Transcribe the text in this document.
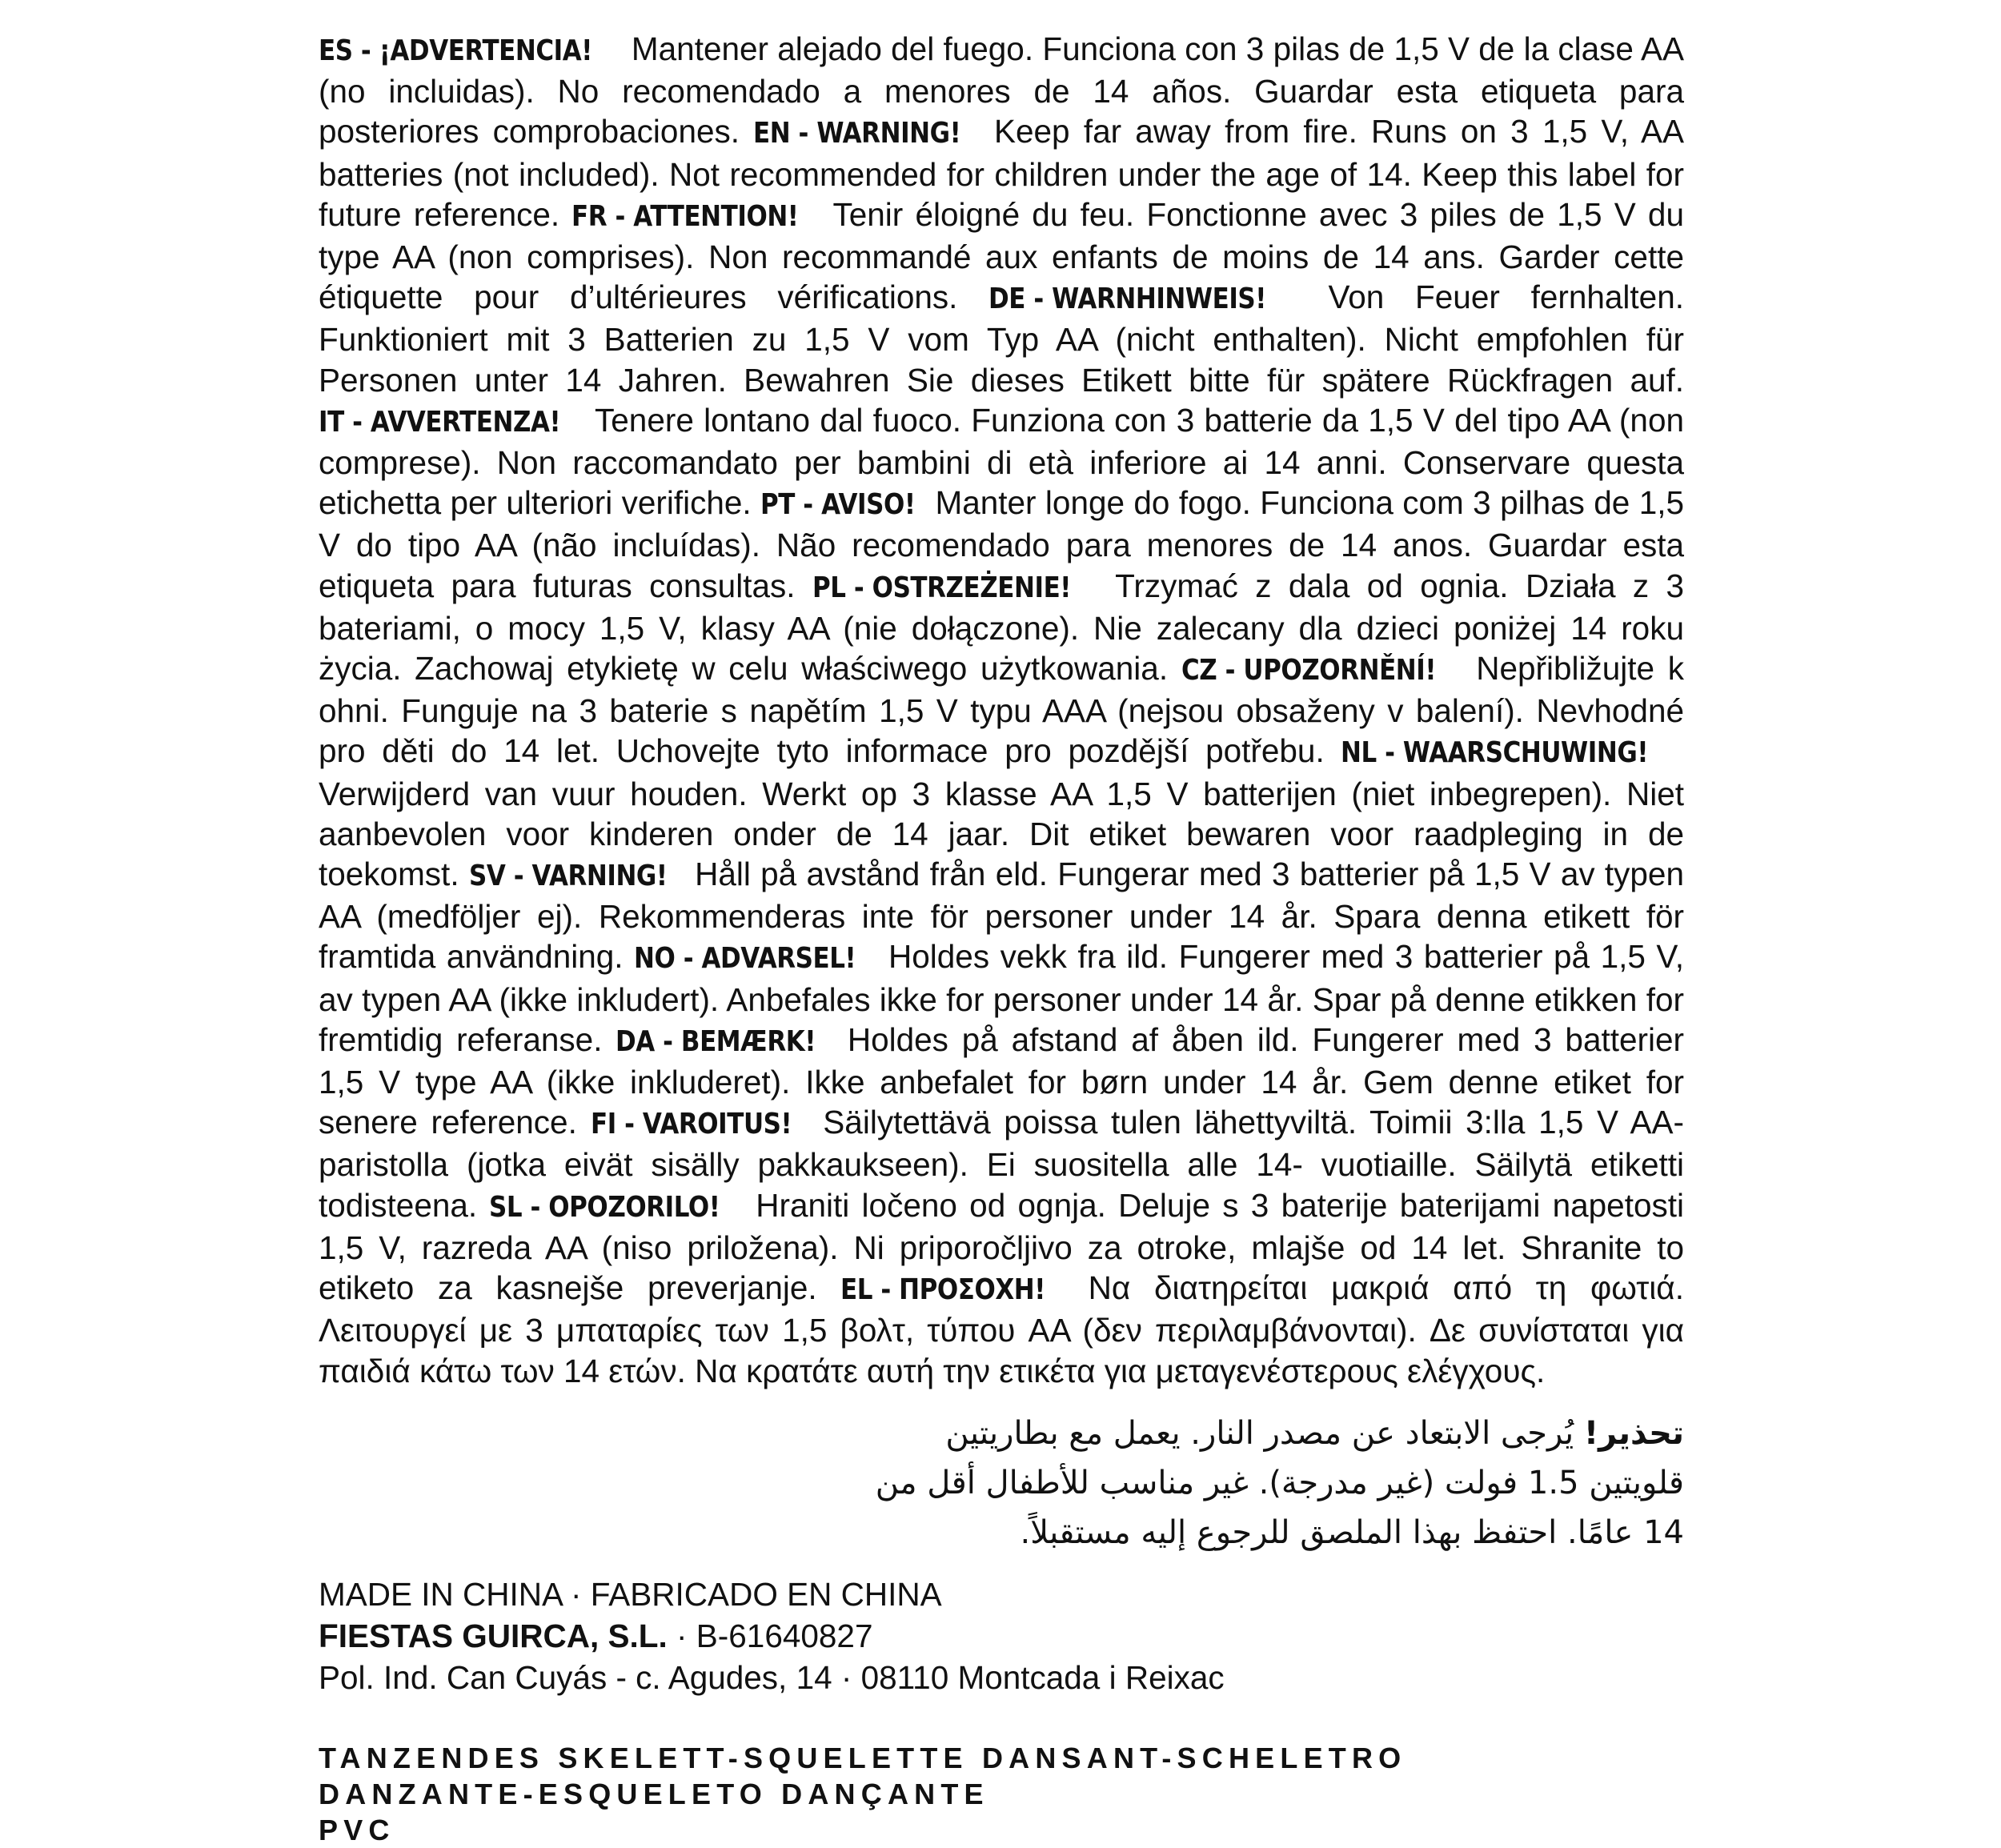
ES - ¡ADVERTENCIA! Mantener alejado del fuego. Funciona con 3 pilas de 1,5 V de la clase AA (no incluidas). No recomendado a menores de 14 años. Guardar esta etiqueta para posteriores comprobaciones. EN - WARNING! Keep far away from fire. Runs on 3 1,5 V, AA batteries (not included). Not recommended for children under the age of 14. Keep this label for future reference. FR - ATTENTION! Tenir éloigné du feu. Fonctionne avec 3 piles de 1,5 V du type AA (non comprises). Non recommandé aux enfants de moins de 14 ans. Garder cette étiquette pour d’ultérieures vérifications. DE - WARNHINWEIS! Von Feuer fernhalten. Funktioniert mit 3 Batterien zu 1,5 V vom Typ AA (nicht enthalten). Nicht empfohlen für Personen unter 14 Jahren. Bewahren Sie dieses Etikett bitte für spätere Rückfragen auf. IT - AVVERTENZA! Tenere lontano dal fuoco. Funziona con 3 batterie da 1,5 V del tipo AA (non comprese). Non raccomandato per bambini di età inferiore ai 14 anni. Conservare questa etichetta per ulteriori verifiche. PT - AVISO! Manter longe do fogo. Funciona com 3 pilhas de 1,5 V do tipo AA (não incluídas). Não recomendado para menores de 14 anos. Guardar esta etiqueta para futuras consultas. PL - OSTRZEŻENIE! Trzymać z dala od ognia. Działa z 3 bateriami, o mocy 1,5 V, klasy AA (nie dołączone). Nie zalecany dla dzieci poniżej 14 roku życia. Zachowaj etykietę w celu właściwego użytkowania. CZ - UPOZORNĚNÍ! Nepřibližujte k ohni. Funguje na 3 baterie s napětím 1,5 V typu AAA (nejsou obsaženy v balení). Nevhodné pro děti do 14 let. Uchovejte tyto informace pro pozdější potřebu. NL - WAARSCHUWING! Verwijderd van vuur houden. Werkt op 3 klasse AA 1,5 V batterijen (niet inbegrepen). Niet aanbevolen voor kinderen onder de 14 jaar. Dit etiket bewaren voor raadpleging in de toekomst. SV - VARNING! Håll på avstånd från eld. Fungerar med 3 batterier på 1,5 V av typen AA (medföljer ej). Rekommenderas inte för personer under 14 år. Spara denna etikett för framtida användning. NO - ADVARSEL! Holdes vekk fra ild. Fungerer med 3 batterier på 1,5 V, av typen AA (ikke inkludert). Anbefales ikke for personer under 14 år. Spar på denne etikken for fremtidig referanse. DA - BEMÆRK! Holdes på afstand af åben ild. Fungerer med 3 batterier 1,5 V type AA (ikke inkluderet). Ikke anbefalet for børn under 14 år. Gem denne etiket for senere reference. FI - VAROITUS! Säilytettävä poissa tulen lähettyviltä. Toimii 3:lla 1,5 V AA-paristolla (jotka eivät sisälly pakkaukseen). Ei suositella alle 14- vuotiaille. Säilytä etiketti todisteena. SL - OPOZORILO! Hraniti ločeno od ognja. Deluje s 3 baterije baterijami napetosti 1,5 V, razreda AA (niso priložena). Ni priporočljivo za otroke, mlajše od 14 let. Shranite to etiketo za kasnejše preverjanje. EL - ΠΡΟΣΟΧΗ! Να διατηρείται μακριά από τη φωτιά. Λειτουργεί με 3 μπαταρίες των 1,5 βολτ, τύπου AA (δεν περιλαμβάνονται). Δε συνίσταται για παιδιά κάτω των 14 ετών. Να κρατάτε αυτή την ετικέτα για μεταγενέστερους ελέγχους.

تحذير! يُرجى الابتعاد عن مصدر النار. يعمل مع بطاريتين
قلويتين 1.5 فولت (غير مدرجة). غير مناسب للأطفال أقل من
14 عامًا. احتفظ بهذا الملصق للرجوع إليه مستقبلاً.
MADE IN CHINA · FABRICADO EN CHINA
FIESTAS GUIRCA, S.L. · B-61640827
Pol. Ind. Can Cuyás - c. Agudes, 14 · 08110 Montcada i Reixac
TANZENDES SKELETT-SQUELETTE DANSANT-SCHELETRO
DANZANTE-ESQUELETO DANÇANTE
PVC
